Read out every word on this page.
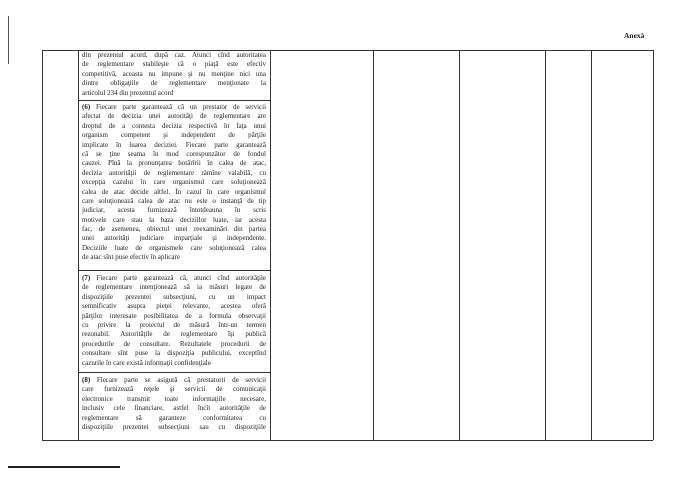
Anexă
din prezentul acord, după caz. Atunci cînd autoritatea
de reglementare stabileşte că o piaţă este efectiv
competitivă, aceasta nu impune şi nu menţine nici una
dintre obligaţiile de reglementare menţionate la
articolul 234 din prezentul acord
(6) Fiecare parte garantează că un prestator de servicii
afectat de decizia unei autorităţi de reglementare are
dreptul de a contesta decizia respectivă în faţa unui
organism competent şi independent de părţile
implicate în luarea deciziei. Fiecare parte garantează
că se ţine seama în mod corespunzător de fondul
cauzei. Pînă la pronunţarea hotărîrii în calea de atac,
decizia autorităţii de reglementare rămîne valabilă, cu
excepţia cazului în care organismul care soluţionează
calea de atac decide altfel. În cazul în care organismul
care soluţionează calea de atac nu este o instanţă de tip
judiciar, acesta furnizează întotdeauna în scris
motivele care stau la baza deciziilor luate, iar acesta
fac, de asemenea, obiectul unei reexaminări din partea
unei autorităţi judiciare imparţiale şi independente.
Deciziile luate de organismele care soluţionează calea
de atac sînt puse efectiv în aplicare
(7) Fiecare parte garantează că, atunci cînd autorităţile
de reglementare intenţionează să ia măsuri legate de
dispoziţiile prezentei subsecţiuni, cu un impact
semnificativ asupra pieţei relevante, acestea oferă
părţilor interesate posibilitatea de a formula observaţii
cu privire la proiectul de măsură într-un termen
rezonabil. Autorităţile de reglementare îşi publică
procedurile de consultare. Rezultatele procedurii de
consultare sînt puse la dispoziţia publicului, exceptînd
cazurile în care există informaţii confidenţiale
(8) Fiecare parte se asigură că prestatorii de servicii
care furnizează reţele şi servicii de comunicaţii
electronice transmit toate informaţiile necesare,
inclusiv cele financiare, astfel încît autorităţile de
reglementare să garanteze conformitatea cu
dispoziţiile prezentei subsecţiuni sau cu dispoziţiile
